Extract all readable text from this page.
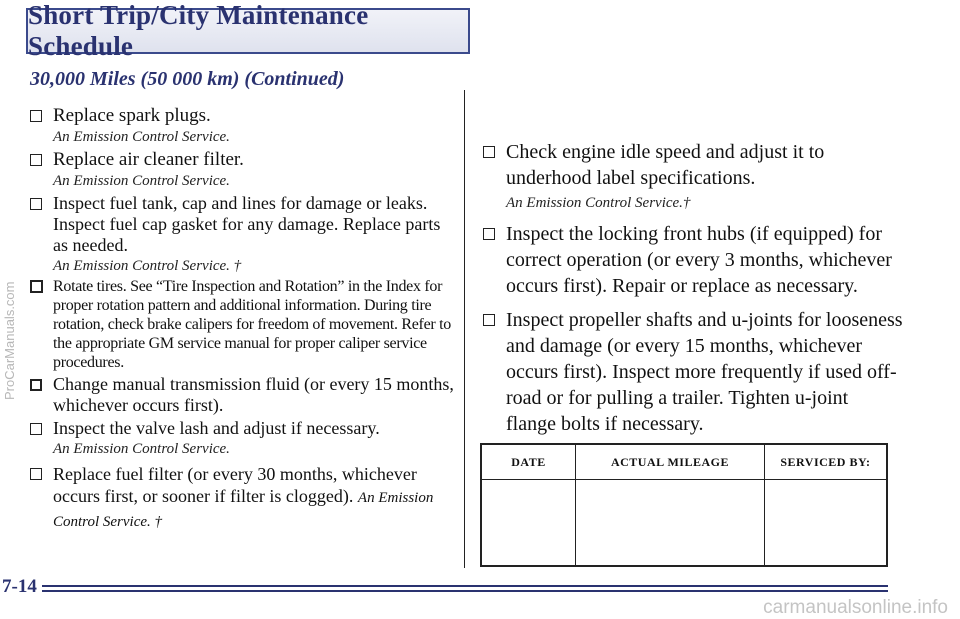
Short Trip/City Maintenance Schedule
30,000 Miles (50 000 km) (Continued)
Replace spark plugs.
An Emission Control Service.
Replace air cleaner filter.
An Emission Control Service.
Inspect fuel tank, cap and lines for damage or leaks. Inspect fuel cap gasket for any damage. Replace parts as needed.
An Emission Control Service. †
Rotate tires. See “Tire Inspection and Rotation” in the Index for proper rotation pattern and additional information. During tire rotation, check brake calipers for freedom of movement. Refer to the appropriate GM service manual for proper caliper service procedures.
Change manual transmission fluid (or every 15 months, whichever occurs first).
Inspect the valve lash and adjust if necessary.
An Emission Control Service.
Replace fuel filter (or every 30 months, whichever occurs first, or sooner if filter is clogged). An Emission Control Service. †
Check engine idle speed and adjust it to underhood label specifications.
An Emission Control Service.†
Inspect the locking front hubs (if equipped) for correct operation (or every 3 months, whichever occurs first). Repair or replace as necessary.
Inspect propeller shafts and u-joints for looseness and damage (or every 15 months, whichever occurs first). Inspect more frequently if used off-road or for pulling a trailer. Tighten u-joint flange bolts if necessary.
DATE	ACTUAL MILEAGE	SERVICED BY:

7-14
ProCarManuals.com
carmanualsonline.info
